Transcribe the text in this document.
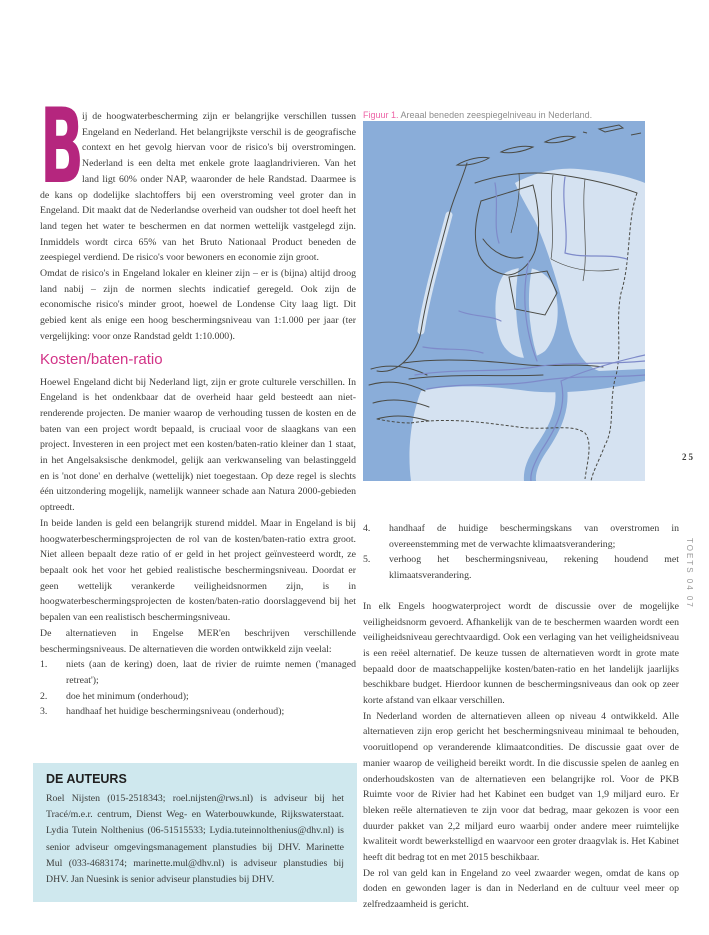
B
ij de hoogwaterbescherming zijn er belangrijke verschillen tussen Engeland en Nederland. Het belangrijkste verschil is de geografische context en het gevolg hiervan voor de risico's bij overstromingen. Nederland is een delta met enkele grote laaglandrivieren. Van het land ligt 60% onder NAP, waaronder de hele Randstad. Daarmee is de kans op dodelijke slachtoffers bij een overstroming veel groter dan in Engeland. Dit maakt dat de Nederlandse overheid van oudsher tot doel heeft het land tegen het water te beschermen en dat normen wettelijk vastgelegd zijn. Inmiddels wordt circa 65% van het Bruto Nationaal Product beneden de zeespiegel verdiend. De risico's voor bewoners en economie zijn groot.

Omdat de risico's in Engeland lokaler en kleiner zijn – er is (bijna) altijd droog land nabij – zijn de normen slechts indicatief geregeld. Ook zijn de economische risico's minder groot, hoewel de Londense City laag ligt. Dit gebied kent als enige een hoog beschermingsniveau van 1:1.000 per jaar (ter vergelijking: voor onze Randstad geldt 1:10.000).

Kosten/baten-ratio

Hoewel Engeland dicht bij Nederland ligt, zijn er grote culturele verschillen. In Engeland is het ondenkbaar dat de overheid haar geld besteedt aan niet-renderende projecten. De manier waarop de verhouding tussen de kosten en de baten van een project wordt bepaald, is cruciaal voor de slaagkans van een project. Investeren in een project met een kosten/baten-ratio kleiner dan 1 staat, in het Angelsaksische denkmodel, gelijk aan verkwanseling van belastinggeld en is 'not done' en derhalve (wettelijk) niet toegestaan. Op deze regel is slechts één uitzondering mogelijk, namelijk wanneer schade aan Natura 2000-gebieden optreedt.

In beide landen is geld een belangrijk sturend middel. Maar in Engeland is bij hoogwaterbeschermingsprojecten de rol van de kosten/baten-ratio extra groot. Niet alleen bepaalt deze ratio of er geld in het project geïnvesteerd wordt, ze bepaalt ook het voor het gebied realistische beschermingsniveau. Doordat er geen wettelijk verankerde veiligheidsnormen zijn, is in hoogwaterbeschermingsprojecten de kosten/baten-ratio doorslaggevend bij het bepalen van een realistisch beschermingsniveau.

De alternatieven in Engelse MER'en beschrijven verschillende beschermingsniveaus. De alternatieven die worden ontwikkeld zijn veelal:

1.	niets (aan de kering) doen, laat de rivier de ruimte nemen ('managed retreat');
2.	doe het minimum (onderhoud);
3.	handhaaf het huidige beschermingsniveau (onderhoud);

Figuur 1. Areaal beneden zeespiegelniveau in Nederland.

4.	handhaaf de huidige beschermingskans van overstromen in overeenstemming met de verwachte klimaatsverandering;
5.	verhoog het beschermingsniveau, rekening houdend met klimaatsverandering.

In elk Engels hoogwaterproject wordt de discussie over de mogelijke veiligheidsnorm gevoerd. Afhankelijk van de te beschermen waarden wordt een veiligheidsniveau gerechtvaardigd. Ook een verlaging van het veiligheidsniveau is een reëel alternatief. De keuze tussen de alternatieven wordt in grote mate bepaald door de maatschappelijke kosten/baten-ratio en het landelijk jaarlijks beschikbare budget. Hierdoor kunnen de beschermingsniveaus dan ook op zeer korte afstand van elkaar verschillen.

In Nederland worden de alternatieven alleen op niveau 4 ontwikkeld. Alle alternatieven zijn erop gericht het beschermingsniveau minimaal te behouden, vooruitlopend op veranderende klimaatcondities. De discussie gaat over de manier waarop de veiligheid bereikt wordt. In die discussie spelen de aanleg en onderhoudskosten van de alternatieven een belangrijke rol. Voor de PKB Ruimte voor de Rivier had het Kabinet een budget van 1,9 miljard euro. Er bleken reële alternatieven te zijn voor dat bedrag, maar gekozen is voor een duurder pakket van 2,2 miljard euro waarbij onder andere meer ruimtelijke kwaliteit wordt bewerkstelligd en waarvoor een groter draagvlak is. Het Kabinet heeft dit bedrag tot en met 2015 beschikbaar.

De rol van geld kan in Engeland zo veel zwaarder wegen, omdat de kans op doden en gewonden lager is dan in Nederland en de cultuur veel meer op zelfredzaamheid is gericht.

DE AUTEURS

Roel Nijsten (015-2518343; roel.nijsten@rws.nl) is adviseur bij het Tracé/m.e.r. centrum, Dienst Weg- en Waterbouwkunde, Rijkswaterstaat. Lydia Tutein Nolthenius (06-51515533; Lydia.tuteinnolthenius@dhv.nl) is senior adviseur omgevingsmanagement planstudies bij DHV. Marinette Mul (033-4683174; marinette.mul@dhv.nl) is adviseur planstudies bij DHV. Jan Nuesink is senior adviseur planstudies bij DHV.

25
TOETS 04 07
